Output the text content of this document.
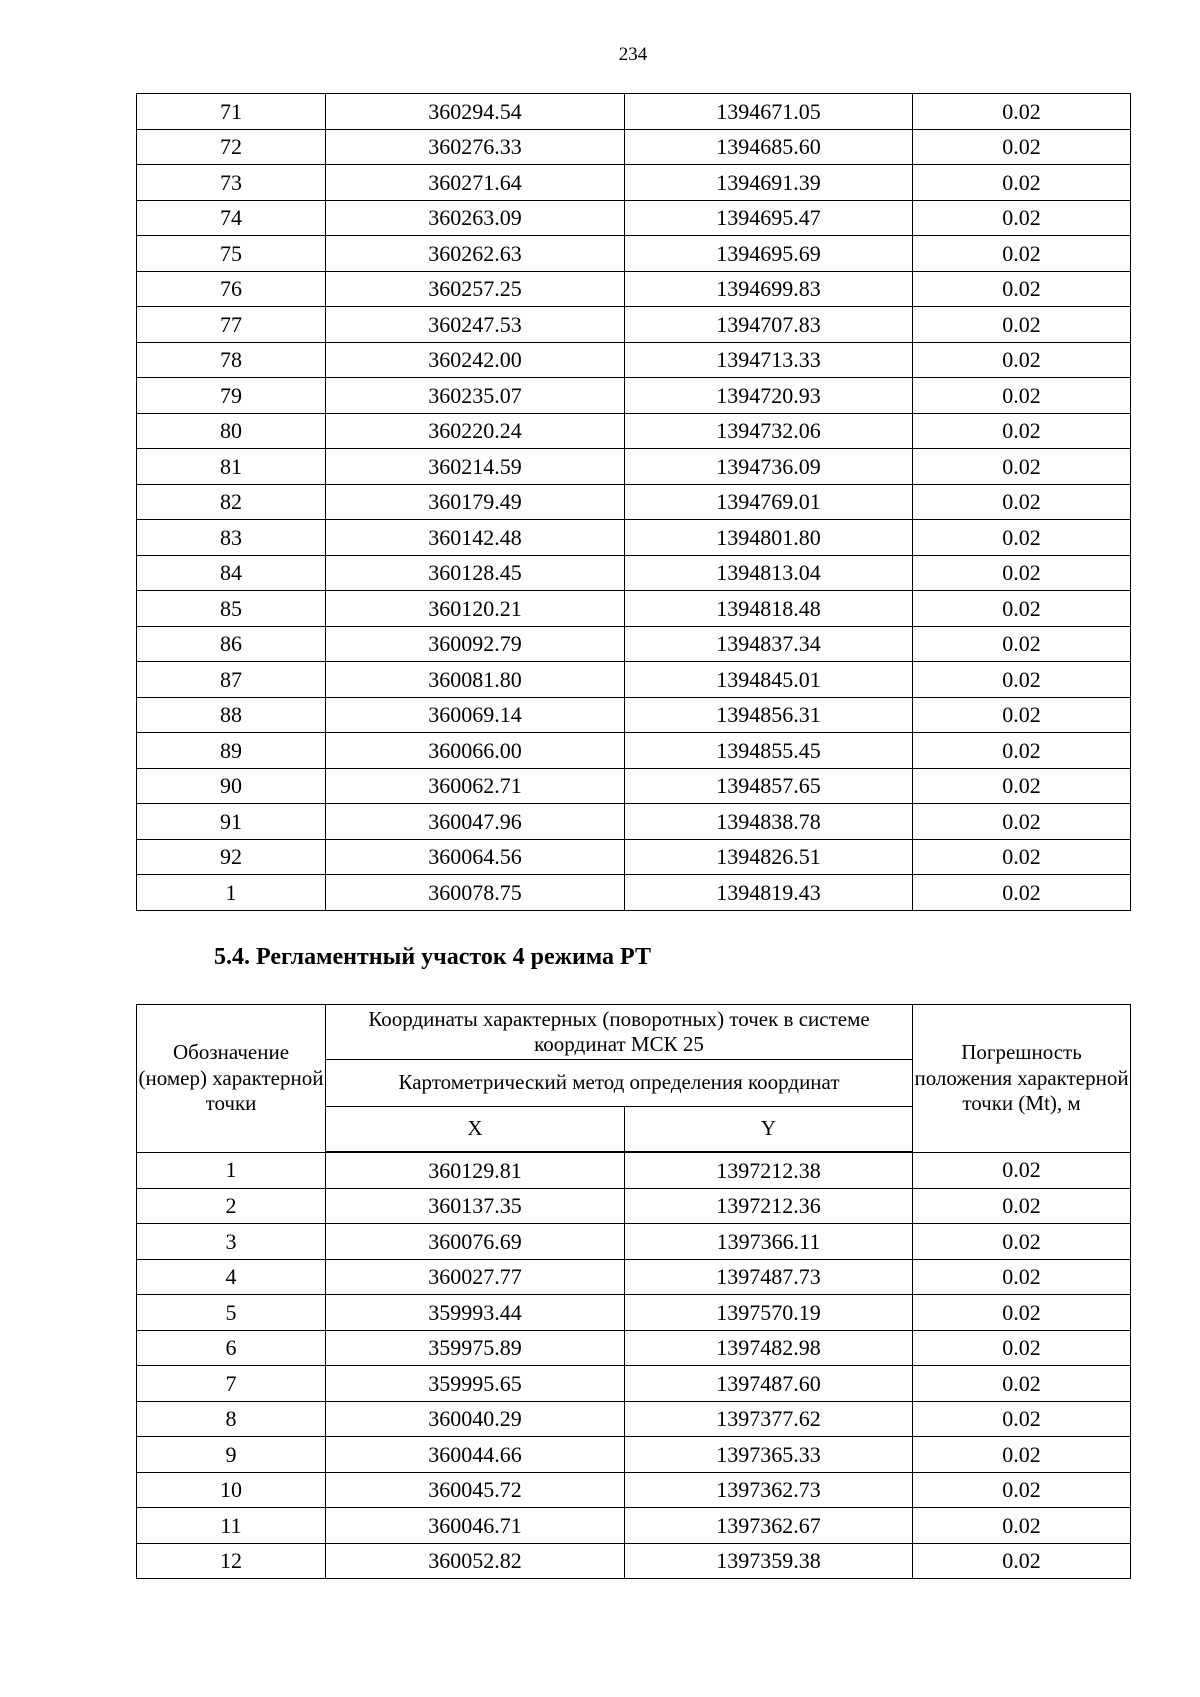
234
71	360294.54	1394671.05	0.02
72	360276.33	1394685.60	0.02
73	360271.64	1394691.39	0.02
74	360263.09	1394695.47	0.02
75	360262.63	1394695.69	0.02
76	360257.25	1394699.83	0.02
77	360247.53	1394707.83	0.02
78	360242.00	1394713.33	0.02
79	360235.07	1394720.93	0.02
80	360220.24	1394732.06	0.02
81	360214.59	1394736.09	0.02
82	360179.49	1394769.01	0.02
83	360142.48	1394801.80	0.02
84	360128.45	1394813.04	0.02
85	360120.21	1394818.48	0.02
86	360092.79	1394837.34	0.02
87	360081.80	1394845.01	0.02
88	360069.14	1394856.31	0.02
89	360066.00	1394855.45	0.02
90	360062.71	1394857.65	0.02
91	360047.96	1394838.78	0.02
92	360064.56	1394826.51	0.02
1	360078.75	1394819.43	0.02
5.4. Регламентный участок 4 режима РТ
Обозначение (номер) характерной точки	Координаты характерных (поворотных) точек в системе координат МСК 25		Погрешность положения характерной точки (Mt), м
	Картометрический метод определения координат		
	X	Y	
1	360129.81	1397212.38	0.02
2	360137.35	1397212.36	0.02
3	360076.69	1397366.11	0.02
4	360027.77	1397487.73	0.02
5	359993.44	1397570.19	0.02
6	359975.89	1397482.98	0.02
7	359995.65	1397487.60	0.02
8	360040.29	1397377.62	0.02
9	360044.66	1397365.33	0.02
10	360045.72	1397362.73	0.02
11	360046.71	1397362.67	0.02
12	360052.82	1397359.38	0.02
